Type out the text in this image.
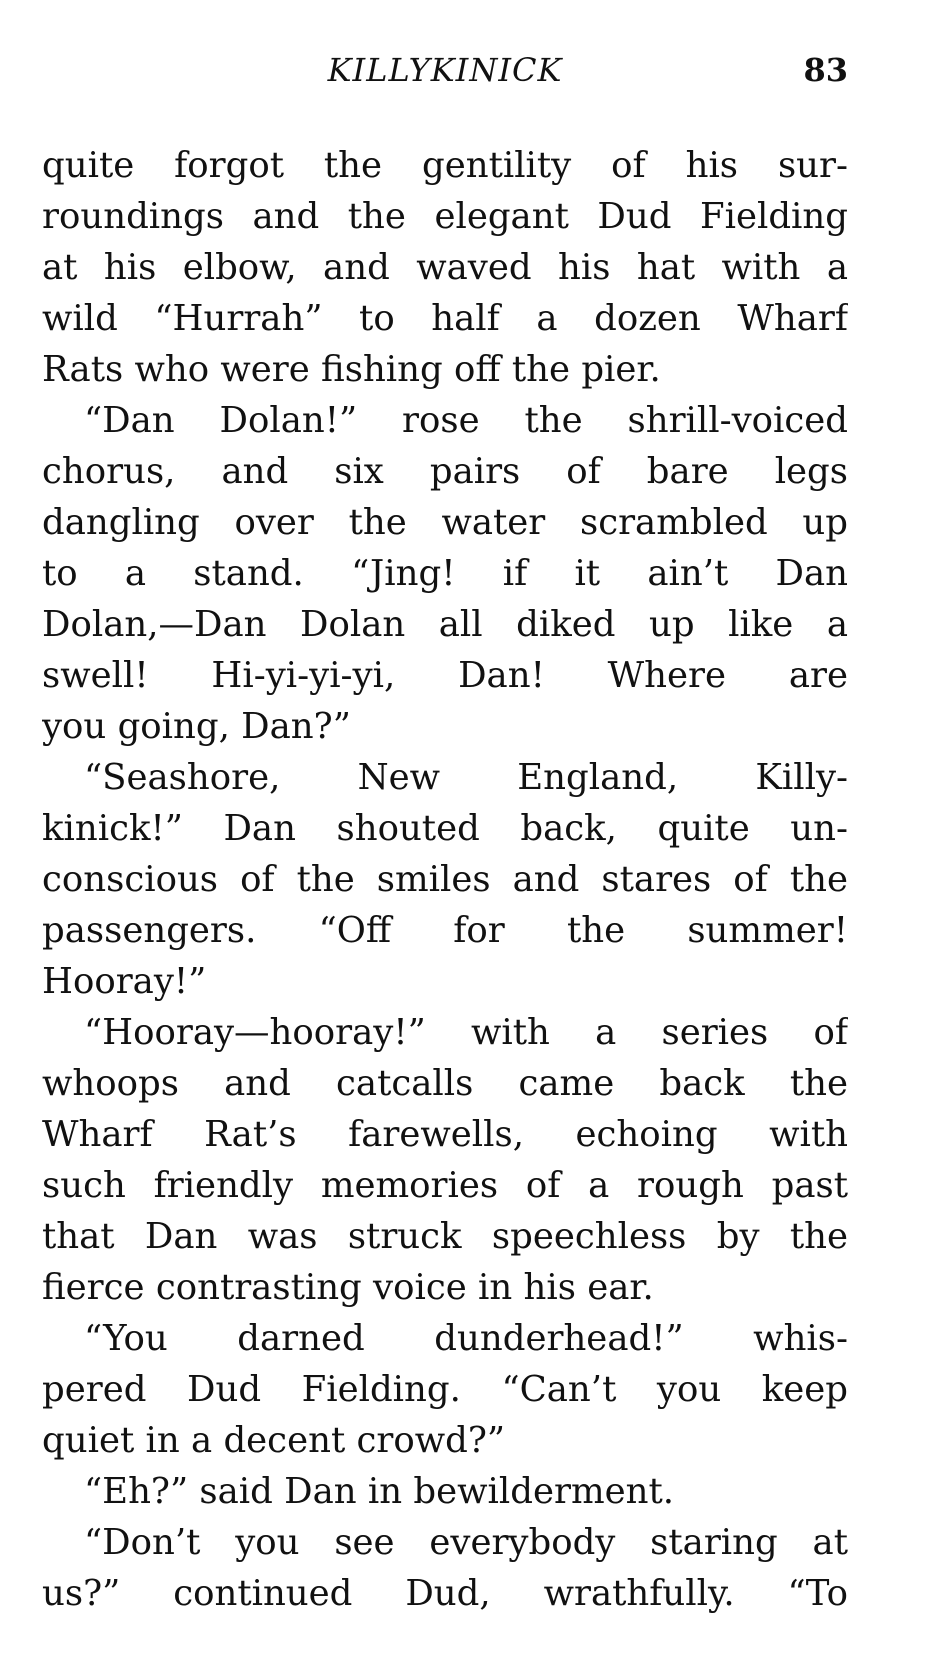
KILLYKINICK	83
quite forgot the gentility of his sur-
roundings and the elegant Dud Fielding
at his elbow, and waved his hat with a
wild “Hurrah” to half a dozen Wharf
Rats who were fishing off the pier.
“Dan Dolan!” rose the shrill-voiced
chorus, and six pairs of bare legs
dangling over the water scrambled up
to a stand. “Jing! if it ain’t Dan
Dolan,—Dan Dolan all diked up like a
swell! Hi-yi-yi-yi, Dan! Where are
you going, Dan?”
“Seashore, New England, Killy-
kinick!” Dan shouted back, quite un-
conscious of the smiles and stares of the
passengers. “Off for the summer!
Hooray!”
“Hooray—hooray!” with a series of
whoops and catcalls came back the
Wharf Rat’s farewells, echoing with
such friendly memories of a rough past
that Dan was struck speechless by the
fierce contrasting voice in his ear.
“You darned dunderhead!” whis-
pered Dud Fielding. “Can’t you keep
quiet in a decent crowd?”
“Eh?” said Dan in bewilderment.
“Don’t you see everybody staring at
us?” continued Dud, wrathfully. “To
